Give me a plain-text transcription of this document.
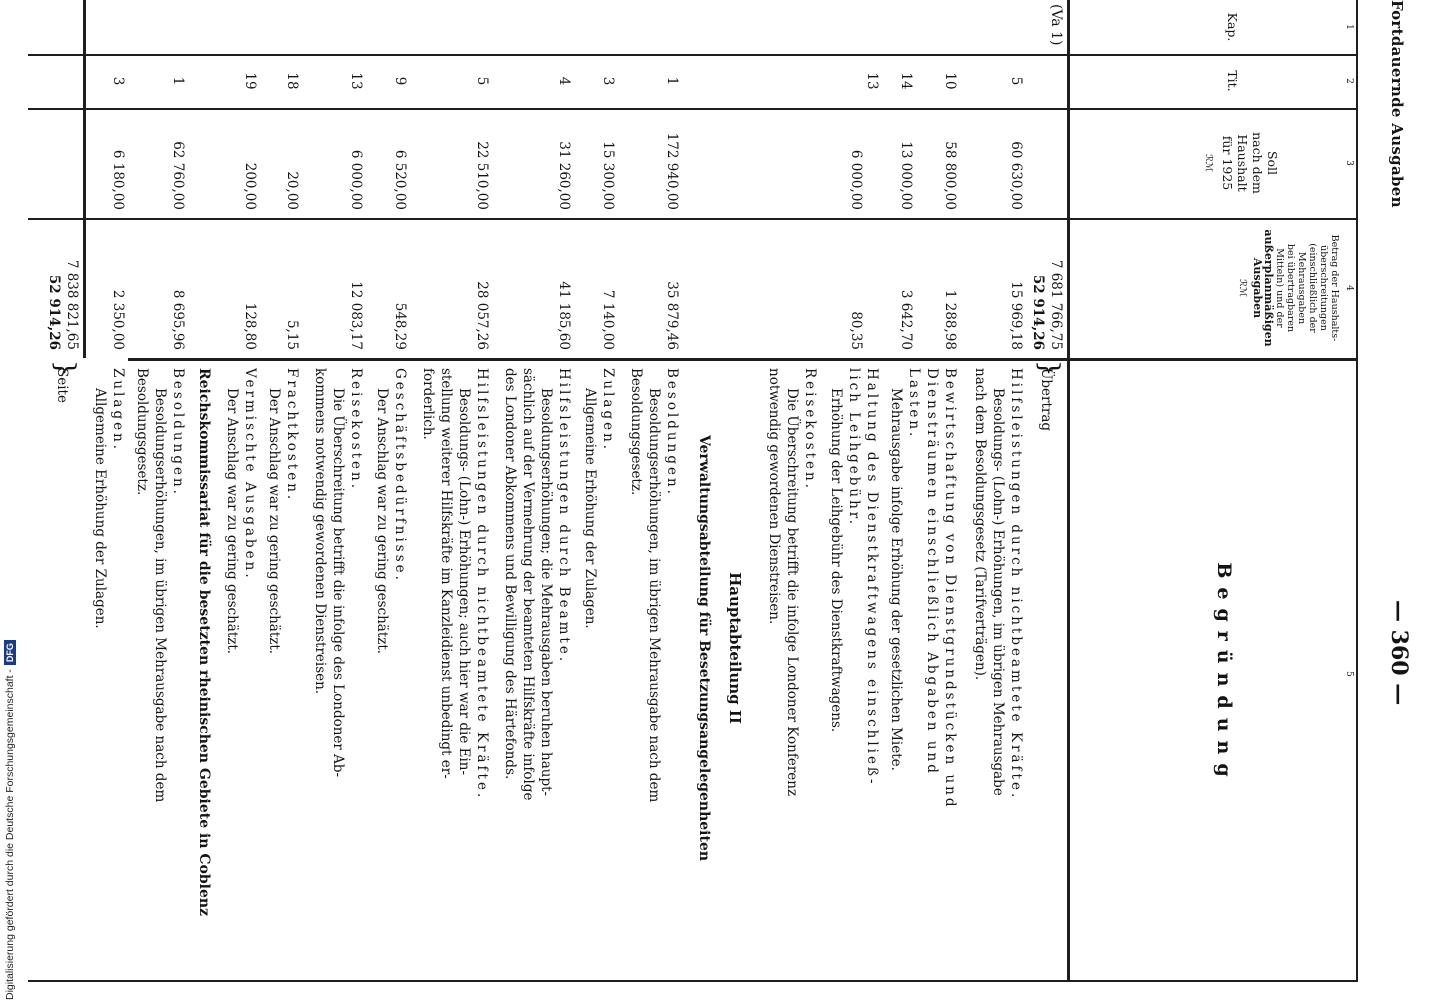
Fortdauernde Ausgaben
— 360 —
1
2
3
4
5
Kap.
Tit.
Soll
nach dem
Haushalt
für 1925
ℛℳ
Betrag der Haushalts-
überschreitungen
(einschließlich der
Mehrausgaben
bei übertragbaren
Mitteln) und der
außerplanmäßigen
Ausgaben
ℛℳ
Begründung
(Va 1)
7 681 766,75
52 914,26
}
Übertrag
5
60 630,00
15 969,18
Hilfsleistungen durch nichtbeamtete Kräfte.
Besoldungs- (Lohn-) Erhöhungen, im übrigen Mehrausgabe
nach dem Besoldungsgesetz (Tarifverträgen).
10
58 800,00
1 288,98
Bewirtschaftung von Dienstgrundstücken und
Diensträumen einschließlich Abgaben und
Lasten.
Mehrausgabe infolge Erhöhung der gesetzlichen Miete.
13
6 000,00
80,35
Haltung des Dienstkraftwagens einschließ-
lich Leihgebühr.
Erhöhung der Leihgebühr des Dienstkraftwagens.
14
13 000,00
3 642,70
Reisekosten.
Die Überschreitung betrifft die infolge Londoner Konferenz
notwendig gewordenen Dienstreisen.
Hauptabteilung II
Verwaltungsabteilung für Besetzungsangelegenheiten
1
172 940,00
35 879,46
Besoldungen.
Besoldungserhöhungen, im übrigen Mehrausgabe nach dem
Besoldungsgesetz.
3
15 300,00
7 140,00
Zulagen.
Allgemeine Erhöhung der Zulagen.
4
31 260,00
41 185,60
Hilfsleistungen durch Beamte.
Besoldungserhöhungen; die Mehrausgaben beruhen haupt-
sächlich auf der Vermehrung der beamteten Hilfskräfte infolge
des Londoner Abkommens und Bewilligung des Härtefonds.
5
22 510,00
28 057,26
Hilfsleistungen durch nichtbeamtete Kräfte.
Besoldungs- (Lohn-) Erhöhungen; auch hier war die Ein-
stellung weiterer Hilfskräfte im Kanzleidienst unbedingt er-
forderlich.
9
6 520,00
548,29
Geschäftsbedürfnisse.
Der Anschlag war zu gering geschätzt.
13
6 000,00
12 083,17
Reisekosten.
Die Überschreitung betrifft die infolge des Londoner Ab-
kommens notwendig gewordenen Dienstreisen.
18
20,00
5,15
Frachtkosten.
Der Anschlag war zu gering geschätzt.
19
200,00
128,80
Vermischte Ausgaben.
Der Anschlag war zu gering geschätzt.
Reichskommissariat für die besetzten rheinischen Gebiete in Coblenz
1
62 760,00
8 695,96
Besoldungen.
Besoldungserhöhungen, im übrigen Mehrausgabe nach dem
Besoldungsgesetz.
3
6 180,00
2 350,00
Zulagen.
Allgemeine Erhöhung der Zulagen.
7 838 821,65
52 914,26
}
Seite
Digitalisierung gefördert durch die Deutsche Forschungsgemeinschaft -DFG
